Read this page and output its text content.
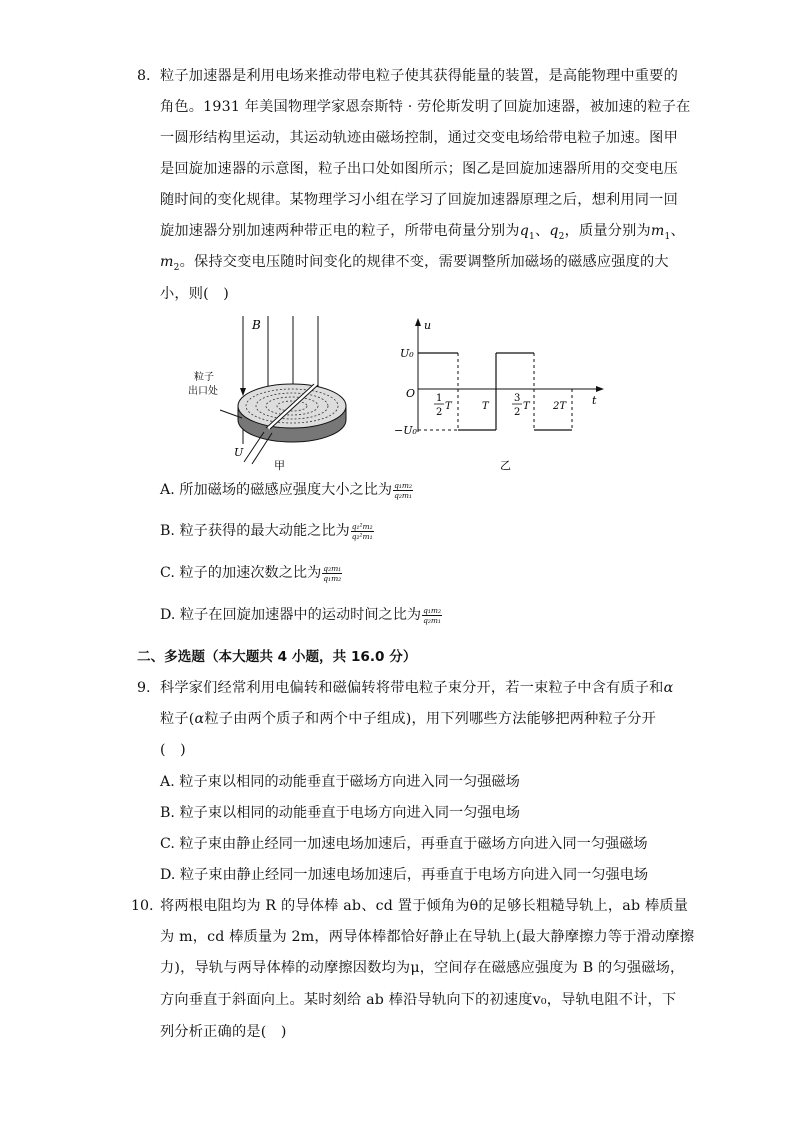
8. 粒子加速器是利用电场来推动带电粒子使其获得能量的装置，是高能物理中重要的
角色。1931 年美国物理学家恩奈斯特 · 劳伦斯发明了回旋加速器，被加速的粒子在
一圆形结构里运动，其运动轨迹由磁场控制，通过交变电场给带电粒子加速。图甲
是回旋加速器的示意图，粒子出口处如图所示；图乙是回旋加速器所用的交变电压
随时间的变化规律。某物理学习小组在学习了回旋加速器原理之后，想利用同一回
旋加速器分别加速两种带正电的粒子，所带电荷量分别为$q_1$、$q_2$，质量分别为$m_1$、
$m_2$。保持交变电压随时间变化的规律不变，需要调整所加磁场的磁感应强度的大
小，则(　)
B
粒子
出口处
U
甲
u
U₀
−U₀
O
t
1
2
T	T
3
2
T 2T
乙
A. 所加磁场的磁感应强度大小之比为 $\frac{\text{q₁m₂}}{\text{q₂m₁}}$
B. 粒子获得的最大动能之比为 $\frac{\text{q₁²m₂}}{\text{q₂²m₁}}$
C. 粒子的加速次数之比为 $\frac{\text{q₂m₁}}{\text{q₁m₂}}$
D. 粒子在回旋加速器中的运动时间之比为 $\frac{\text{q₁m₂}}{\text{q₂m₁}}$
二、多选题（本大题共 4 小题，共 16.0 分）
9. 科学家们经常利用电偏转和磁偏转将带电粒子束分开，若一束粒子中含有质子和α
粒子(α粒子由两个质子和两个中子组成)，用下列哪些方法能够把两种粒子分开
(　)
A. 粒子束以相同的动能垂直于磁场方向进入同一匀强磁场
B. 粒子束以相同的动能垂直于电场方向进入同一匀强电场
C. 粒子束由静止经同一加速电场加速后，再垂直于磁场方向进入同一匀强磁场
D. 粒子束由静止经同一加速电场加速后，再垂直于电场方向进入同一匀强电场
10. 将两根电阻均为 R 的导体棒 ab、cd 置于倾角为θ的足够长粗糙导轨上，ab 棒质量
为 m，cd 棒质量为 2m，两导体棒都恰好静止在导轨上(最大静摩擦力等于滑动摩擦
力)，导轨与两导体棒的动摩擦因数均为μ，空间存在磁感应强度为 B 的匀强磁场，
方向垂直于斜面向上。某时刻给 ab 棒沿导轨向下的初速度v₀，导轨电阻不计，下
列分析正确的是(　)
